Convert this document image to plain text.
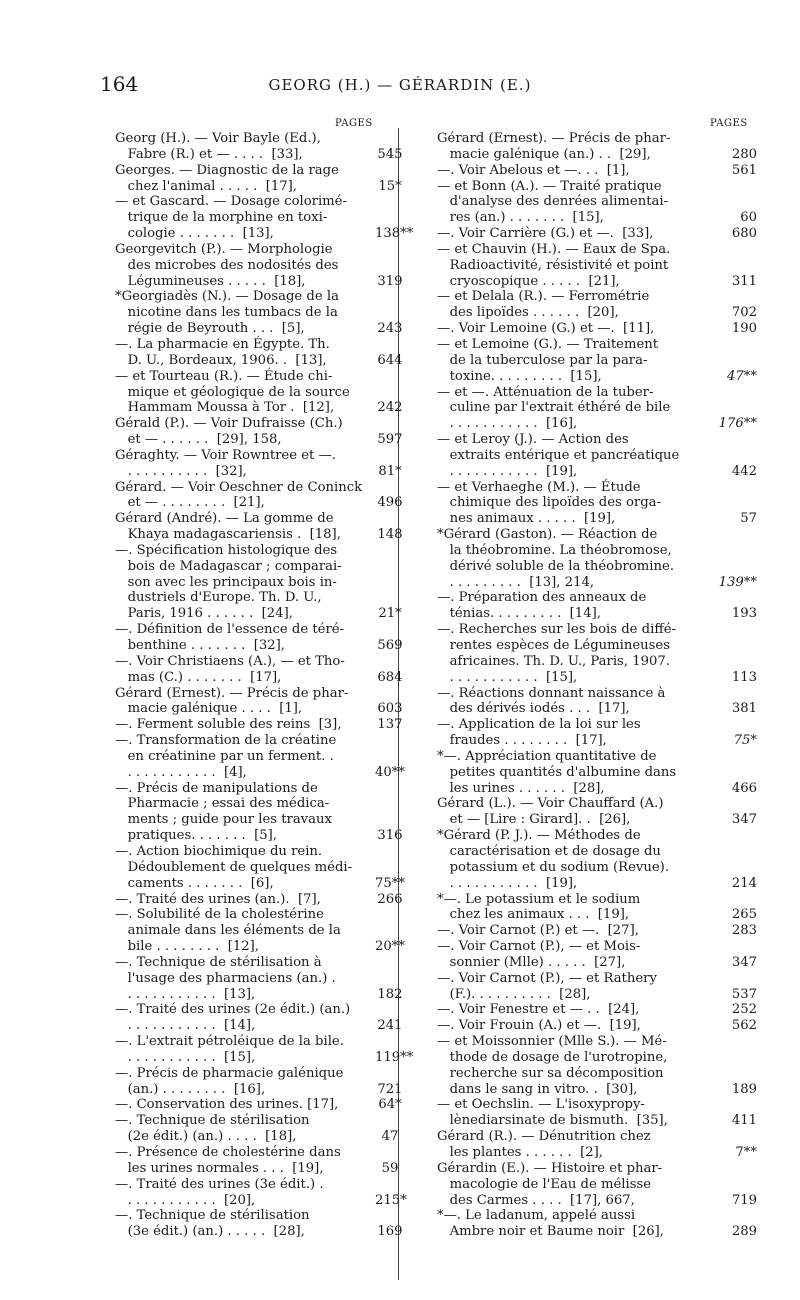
164	GEORG (H.) — GÉRARDIN (E.)
PAGES	PAGES
Georg (H.). — Voir Bayle (Ed.),
Fabre (R.) et — . . . .  [33],	545
Georges. — Diagnostic de la rage
chez l'animal . . . . .  [17],	15*
— et Gascard. — Dosage colorimé-
trique de la morphine en toxi-
cologie . . . . . . .  [13],	138**
Georgevitch (P.). — Morphologie
des microbes des nodosités des
Légumineuses . . . . .  [18],	319
*Georgiadès (N.). — Dosage de la
nicotine dans les tumbacs de la
régie de Beyrouth . . .  [5],	243
—. La pharmacie en Égypte. Th.
D. U., Bordeaux, 1906. .  [13],	644
— et Tourteau (R.). — Étude chi-
mique et géologique de la source
Hammam Moussa à Tor .  [12],	242
Gérald (P.). — Voir Dufraisse (Ch.)
et — . . . . . .  [29], 158,	597
Géraghty. — Voir Rowntree et —.
. . . . . . . . . .  [32],	81*
Gérard. — Voir Oeschner de Coninck
et — . . . . . . . .  [21],	496
Gérard (André). — La gomme de
Khaya madagascariensis .  [18],	148
—. Spécification histologique des
bois de Madagascar ; comparai-
son avec les principaux bois in-
dustriels d'Europe. Th. D. U.,
Paris, 1916 . . . . . .  [24],	21*
—. Définition de l'essence de téré-
benthine . . . . . . .  [32],	569
—. Voir Christiaens (A.), — et Tho-
mas (C.) . . . . . . .  [17],	684
Gérard (Ernest). — Précis de phar-
macie galénique . . . .  [1],	603
—. Ferment soluble des reins  [3],	137
—. Transformation de la créatine
en créatinine par un ferment. .
. . . . . . . . . . .  [4],	40**
—. Précis de manipulations de
Pharmacie ; essai des médica-
ments ; guide pour les travaux
pratiques. . . . . . .  [5],	316
—. Action biochimique du rein.
Dédoublement de quelques médi-
caments . . . . . . .  [6],	75**
—. Traité des urines (an.).  [7],	266
—. Solubilité de la cholestérine
animale dans les éléments de la
bile . . . . . . . .  [12],	20**
—. Technique de stérilisation à
l'usage des pharmaciens (an.) .
. . . . . . . . . . .  [13],	182
—. Traité des urines (2e édit.) (an.)
. . . . . . . . . . .  [14],	241
—. L'extrait pétroléique de la bile.
. . . . . . . . . . .  [15],	119**
—. Précis de pharmacie galénique
(an.) . . . . . . . .  [16],	721
—. Conservation des urines. [17],	64*
—. Technique de stérilisation
(2e édit.) (an.) . . . .  [18],	47
—. Présence de cholestérine dans
les urines normales . . .  [19],	59
—. Traité des urines (3e édit.) .
. . . . . . . . . . .  [20],	215*
—. Technique de stérilisation
(3e édit.) (an.) . . . . .  [28],	169
Gérard (Ernest). — Précis de phar-
macie galénique (an.) . .  [29],	280
—. Voir Abelous et —. . .  [1],	561
— et Bonn (A.). — Traité pratique
d'analyse des denrées alimentai-
res (an.) . . . . . . .  [15],	60
—. Voir Carrière (G.) et —.  [33],	680
— et Chauvin (H.). — Eaux de Spa.
Radioactivité, résistivité et point
cryoscopique . . . . .  [21],	311
— et Delala (R.). — Ferrométrie
des lipoïdes . . . . . .  [20],	702
—. Voir Lemoine (G.) et —.  [11],	190
— et Lemoine (G.). — Traitement
de la tuberculose par la para-
toxine. . . . . . . . .  [15],	47**
— et —. Atténuation de la tuber-
culine par l'extrait éthéré de bile
. . . . . . . . . . .  [16],	176**
— et Leroy (J.). — Action des
extraits entérique et pancréatique
. . . . . . . . . . .  [19],	442
— et Verhaeghe (M.). — Étude
chimique des lipoïdes des orga-
nes animaux . . . . .  [19],	57
*Gérard (Gaston). — Réaction de
la théobromine. La théobromose,
dérivé soluble de la théobromine.
. . . . . . . . .  [13], 214,	139**
—. Préparation des anneaux de
ténias. . . . . . . . .  [14],	193
—. Recherches sur les bois de diffé-
rentes espèces de Légumineuses
africaines. Th. D. U., Paris, 1907.
. . . . . . . . . . .  [15],	113
—. Réactions donnant naissance à
des dérivés iodés . . .  [17],	381
—. Application de la loi sur les
fraudes . . . . . . . .  [17],	75*
*—. Appréciation quantitative de
petites quantités d'albumine dans
les urines . . . . . .  [28],	466
Gérard (L.). — Voir Chauffard (A.)
et — [Lire : Girard]. .  [26],	347
*Gérard (P. J.). — Méthodes de
caractérisation et de dosage du
potassium et du sodium (Revue).
. . . . . . . . . . .  [19],	214
*—. Le potassium et le sodium
chez les animaux . . .  [19],	265
—. Voir Carnot (P.) et —.  [27],	283
—. Voir Carnot (P.), — et Mois-
sonnier (Mlle) . . . . .  [27],	347
—. Voir Carnot (P.), — et Rathery
(F.). . . . . . . . . .  [28],	537
—. Voir Fenestre et — . .  [24],	252
—. Voir Frouin (A.) et —.  [19],	562
— et Moissonnier (Mlle S.). — Mé-
thode de dosage de l'urotropine,
recherche sur sa décomposition
dans le sang in vitro. .  [30],	189
— et Oechslin. — L'isoxypropy-
lènediarsinate de bismuth.  [35],	411
Gérard (R.). — Dénutrition chez
les plantes . . . . . .  [2],	7**
Gérardin (E.). — Histoire et phar-
macologie de l'Eau de mélisse
des Carmes . . . .  [17], 667,	719
*—. Le ladanum, appelé aussi
Ambre noir et Baume noir  [26],	289
